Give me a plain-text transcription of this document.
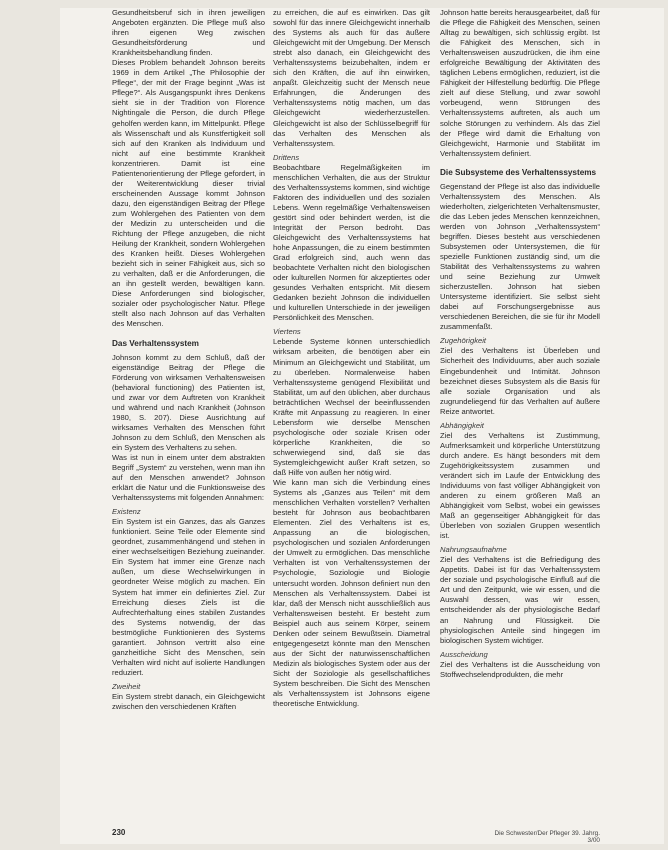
Gesundheitsberuf sich in ihren jeweiligen Angeboten ergänzten. Die Pflege muß also ihren eigenen Weg zwischen Gesundheitsförderung und Krankheitsbehandlung finden.

Dieses Problem behandelt Johnson bereits 1969 in dem Artikel „The Philosophie der Pflege“, der mit der Frage beginnt „Was ist Pflege?“. Als Ausgangspunkt ihres Denkens sieht sie in der Tradition von Florence Nightingale die Person, die durch Pflege geholfen werden kann, im Mittelpunkt. Pflege als Wissenschaft und als Kunstfertigkeit soll sich auf den Kranken als Individuum und nicht auf eine bestimmte Krankheit konzentrieren. Damit ist eine Patientenorientierung der Pflege gefordert, in der Weiterentwicklung dieser trivial erscheinenden Aussage kommt Johnson dazu, den eigenständigen Beitrag der Pflege zum Wohlergehen des Patienten von dem der Medizin zu unterscheiden und die Richtung der Pflege anzugeben, die nicht Heilung der Krankheit, sondern Wohlergehen des Kranken heißt. Dieses Wohlergehen bezieht sich in seiner Fähigkeit aus, sich so zu verhalten, daß er die Anforderungen, die an ihn gestellt werden, bewältigen kann. Diese Anforderungen sind biologischer, sozialer oder psychologischer Natur. Pflege stellt also nach Johnson auf das Verhalten des Menschen.

Das Verhaltenssystem

Johnson kommt zu dem Schluß, daß der eigenständige Beitrag der Pflege die Förderung von wirksamen Verhaltensweisen (behavioral functioning) des Patienten ist, und zwar vor dem Auftreten von Krankheit und während und nach Krankheit (Johnson 1980, S. 207). Diese Ausrichtung auf wirksames Verhalten des Menschen führt Johnson zu dem Schluß, den Menschen als ein System des Verhaltens zu sehen.

Was ist nun in einem unter dem abstrakten Begriff „System“ zu verstehen, wenn man ihn auf den Menschen anwendet? Johnson erklärt die Natur und die Funktionsweise des Verhaltenssystems mit folgenden Annahmen:

Existenz

Ein System ist ein Ganzes, das als Ganzes funktioniert. Seine Teile oder Elemente sind geordnet, zusammenhängend und stehen in einer wechselseitigen Beziehung zueinander. Ein System hat immer eine Grenze nach außen, um diese Wechselwirkungen in geordneter Weise möglich zu machen. Ein System hat immer ein definiertes Ziel. Zur Erreichung dieses Ziels ist die Aufrechterhaltung eines stabilen Zustandes des Systems notwendig, der das bestmögliche Funktionieren des Systems garantiert. Johnson vertritt also eine ganzheitliche Sicht des Menschen, sein Verhalten wird nicht auf isolierte Handlungen reduziert.

Zweiheit

Ein System strebt danach, ein Gleichgewicht zwischen den verschiedenen Kräften

zu erreichen, die auf es einwirken. Das gilt sowohl für das innere Gleichgewicht innerhalb des Systems als auch für das äußere Gleichgewicht mit der Umgebung. Der Mensch strebt also danach, ein Gleichgewicht des Verhaltenssystems beizubehalten, indem er sich den Kräften, die auf ihn einwirken, anpaßt. Gleichzeitig sucht der Mensch neue Erfahrungen, die Änderungen des Verhaltenssystems nötig machen, um das Gleichgewicht wiederherzustellen. Gleichgewicht ist also der Schlüsselbegriff für das Verhalten des Menschen als Verhaltenssystem.

Drittens

Beobachtbare Regelmäßigkeiten im menschlichen Verhalten, die aus der Struktur des Verhaltenssystems kommen, sind wichtige Faktoren des individuellen und des sozialen Lebens. Wenn regelmäßige Verhaltensweisen gestört sind oder behindert werden, ist die Integrität der Person bedroht. Das Gleichgewicht des Verhaltenssystems hat hohe Anpassungen, die zu einem bestimmten Grad erfolgreich sind, auch wenn das beobachtete Verhalten nicht den biologischen oder kulturellen Normen für akzeptiertes oder gesundes Verhalten entspricht. Mit diesem Gedanken bezieht Johnson die individuellen und kulturellen Unterschiede in der jeweiligen Persönlichkeit des Menschen.

Viertens

Lebende Systeme können unterschiedlich wirksam arbeiten, die benötigen aber ein Minimum an Gleichgewicht und Stabilität, um zu überleben. Normalerweise haben Verhaltenssysteme genügend Flexibilität und Stabilität, um auf den üblichen, aber durchaus beträchtlichen Wechsel der beeinflussenden Kräfte mit Anpassung zu reagieren. In einer Lebensform wie derselbe Menschen psychologische oder soziale Krisen oder körperliche Krankheiten, die so schwerwiegend sind, daß sie das Systemgleichgewicht außer Kraft setzen, so daß Hilfe von außen her nötig wird.

Wie kann man sich die Verbindung eines Systems als „Ganzes aus Teilen“ mit dem menschlichen Verhalten vorstellen? Verhalten besteht für Johnson aus beobachtbaren Elementen. Ziel des Verhaltens ist es, Anpassung an die biologischen, psychologischen und sozialen Anforderungen der Umwelt zu ermöglichen. Das menschliche Verhalten ist von Verhaltenssystemen der Psychologie, Soziologie und Biologie untersucht worden. Johnson definiert nun den Menschen als Verhaltenssystem. Dabei ist klar, daß der Mensch nicht ausschließlich aus Verhaltensweisen besteht. Er besteht zum Beispiel auch aus seinem Körper, seinem Denken oder seinem Bewußtsein. Diametral entgegengesetzt könnte man den Menschen aus der Sicht der naturwissenschaftlichen Medizin als biologisches System oder aus der Sicht der Soziologie als gesellschaftliches System beschreiben. Die Sicht des Menschen als Verhaltenssystem ist Johnsons eigene theoretische Entwicklung.

Johnson hatte bereits herausgearbeitet, daß für die Pflege die Fähigkeit des Menschen, seinen Alltag zu bewältigen, sich schlüssig ergibt. Ist die Fähigkeit des Menschen, sich in Verhaltensweisen auszudrücken, die ihm eine erfolgreiche Bewältigung der Aktivitäten des täglichen Lebens ermöglichen, reduziert, ist die Fähigkeit der Hilfestellung bedürftig. Die Pflege zielt auf diese Stellung, und zwar sowohl vorbeugend, wenn Störungen des Verhaltenssystems auftreten, als auch um solche Störungen zu verhindern. Als das Ziel der Pflege wird damit die Erhaltung von Gleichgewicht, Harmonie und Stabilität im Verhaltenssystem definiert.

Die Subsysteme des Verhaltenssystems

Gegenstand der Pflege ist also das individuelle Verhaltenssystem des Menschen. Als wiederholten, zielgerichteten Verhaltensmuster, die das Leben jedes Menschen kennzeichnen, werden von Johnson „Verhaltenssystem“ begriffen. Dieses besteht aus verschiedenen Subsystemen oder Untersystemen, die für spezielle Funktionen zuständig sind, um die Stabilität des Verhaltenssystems zu wahren und seine Beziehung zur Umwelt sicherzustellen. Johnson hat sieben Untersysteme identifiziert. Sie selbst sieht dabei auf Forschungsergebnisse aus verschiedenen Bereichen, die sie für ihr Modell zusammenfaßt.

Zugehörigkeit

Ziel des Verhaltens ist Überleben und Sicherheit des Individuums, aber auch soziale Eingebundenheit und Intimität. Johnson bezeichnet dieses Subsystem als die Basis für alle soziale Organisation und als zugrundeliegend für das Verhalten auf äußere Reize antwortet.

Abhängigkeit

Ziel des Verhaltens ist Zustimmung, Aufmerksamkeit und körperliche Unterstützung durch andere. Es hängt besonders mit dem Zugehörigkeitssystem zusammen und verändert sich im Laufe der Entwicklung des Individuums von fast völliger Abhängigkeit von anderen zu einem größeren Maß an Abhängigkeit vom Selbst, wobei ein gewisses Maß an gegenseitiger Abhängigkeit für das Überleben von sozialen Gruppen wesentlich ist.

Nahrungsaufnahme

Ziel des Verhaltens ist die Befriedigung des Appetits. Dabei ist für das Verhaltenssystem der soziale und psychologische Einfluß auf die Art und den Zeitpunkt, wie wir essen, und die Auswahl dessen, was wir essen, entscheidender als der physiologische Bedarf an Nahrung und Flüssigkeit. Die physiologischen Anteile sind hingegen im biologischen System wichtiger.

Ausscheidung

Ziel des Verhaltens ist die Ausscheidung von Stoffwechselendprodukten, die mehr

230	Die Schwester/Der Pfleger 39. Jahrg. 3/00
